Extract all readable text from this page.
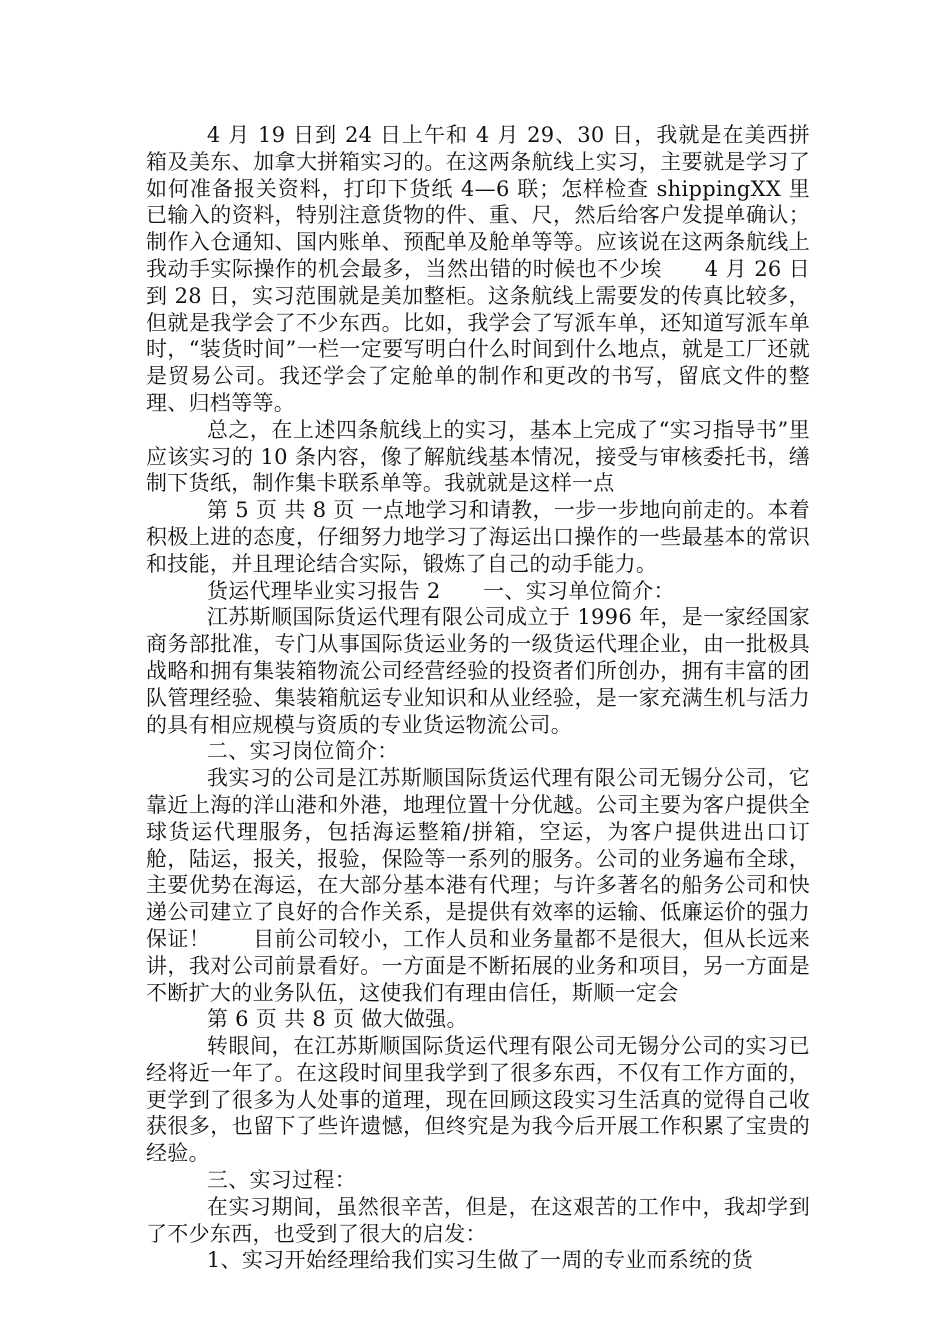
4 月 19 日到 24 日上午和 4 月 29、30 日，我就是在美西拼箱及美东、加拿大拼箱实习的。在这两条航线上实习，主要就是学习了如何准备报关资料，打印下货纸 4—6 联；怎样检查 shippingXX 里已输入的资料，特别注意货物的件、重、尺，然后给客户发提单确认；制作入仓通知、国内账单、预配单及舱单等等。应该说在这两条航线上我动手实际操作的机会最多，当然出错的时候也不少埃　　4 月 26 日到 28 日，实习范围就是美加整柜。这条航线上需要发的传真比较多，但就是我学会了不少东西。比如，我学会了写派车单，还知道写派车单时，“装货时间”一栏一定要写明白什么时间到什么地点，就是工厂还就是贸易公司。我还学会了定舱单的制作和更改的书写，留底文件的整理、归档等等。

总之，在上述四条航线上的实习，基本上完成了“实习指导书”里应该实习的 10 条内容，像了解航线基本情况，接受与审核委托书，缮制下货纸，制作集卡联系单等。我就就是这样一点

第 5 页 共 8 页 一点地学习和请教，一步一步地向前走的。本着积极上进的态度，仔细努力地学习了海运出口操作的一些最基本的常识和技能，并且理论结合实际，锻炼了自己的动手能力。

货运代理毕业实习报告 2　　一、实习单位简介：

江苏斯顺国际货运代理有限公司成立于 1996 年，是一家经国家商务部批准，专门从事国际货运业务的一级货运代理企业，由一批极具战略和拥有集装箱物流公司经营经验的投资者们所创办，拥有丰富的团队管理经验、集装箱航运专业知识和从业经验，是一家充满生机与活力的具有相应规模与资质的专业货运物流公司。

二、实习岗位简介：

我实习的公司是江苏斯顺国际货运代理有限公司无锡分公司，它靠近上海的洋山港和外港，地理位置十分优越。公司主要为客户提供全球货运代理服务，包括海运整箱/拼箱，空运，为客户提供进出口订舱，陆运，报关，报验，保险等一系列的服务。公司的业务遍布全球，主要优势在海运，在大部分基本港有代理；与许多著名的船务公司和快递公司建立了良好的合作关系，是提供有效率的运输、低廉运价的强力保证！　　目前公司较小，工作人员和业务量都不是很大，但从长远来讲，我对公司前景看好。一方面是不断拓展的业务和项目，另一方面是不断扩大的业务队伍，这使我们有理由信任，斯顺一定会

第 6 页 共 8 页 做大做强。

转眼间，在江苏斯顺国际货运代理有限公司无锡分公司的实习已经将近一年了。在这段时间里我学到了很多东西，不仅有工作方面的，更学到了很多为人处事的道理，现在回顾这段实习生活真的觉得自己收获很多，也留下了些许遗憾，但终究是为我今后开展工作积累了宝贵的经验。

三、实习过程：

在实习期间，虽然很辛苦，但是，在这艰苦的工作中，我却学到了不少东西，也受到了很大的启发：

1、实习开始经理给我们实习生做了一周的专业而系统的货
